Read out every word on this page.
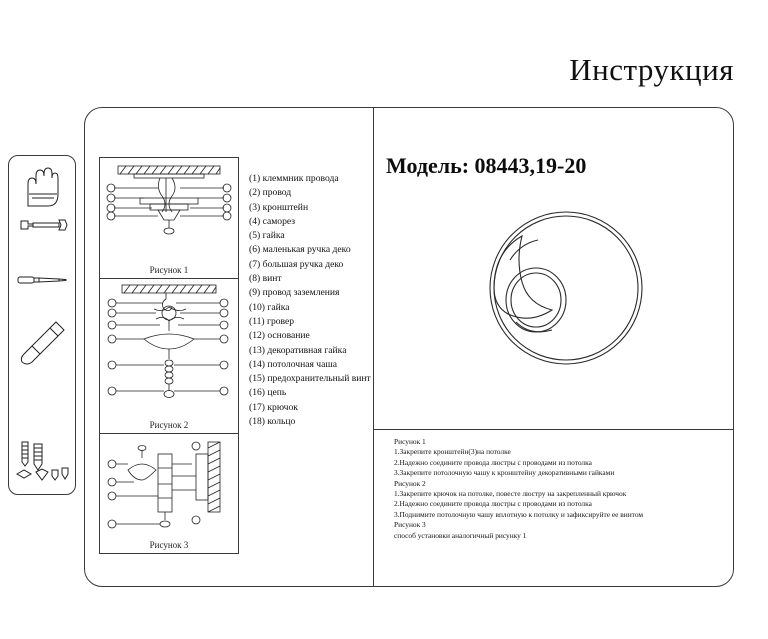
Инструкция
Рисунок 1
Рисунок 2
Рисунок 3
(1) клеммник провода
(2) провод
(3) кронштейн
(4) саморез
(5) гайка
(6) маленькая ручка деко
(7) большая ручка деко
(8) винт
(9) провод заземления
(10) гайка
(11) гровер
(12) основание
(13) декоративная гайка
(14) потолочная чаша
(15) предохранительный винт
(16) цепь
(17) крючок
(18) кольцо
Модель: 08443,19-20
Рисунок 1
1.Закрепите кронштейн(3)на потолке
2.Надежно соедините провода люстры с проводами из потолка
3.Закрепите потолочную чашу к кронштейну декоративными гайками
Рисунок 2
1.Закрепите крючок на потолке, повесте люстру на закрепленный крючок
2.Надежно соедините провода люстры с проводами из потолка
3.Поднимите потолочную чашу вплотную к потолку и зафиксируйте ее винтом
Рисунок 3
способ установки аналогичный рисунку 1
